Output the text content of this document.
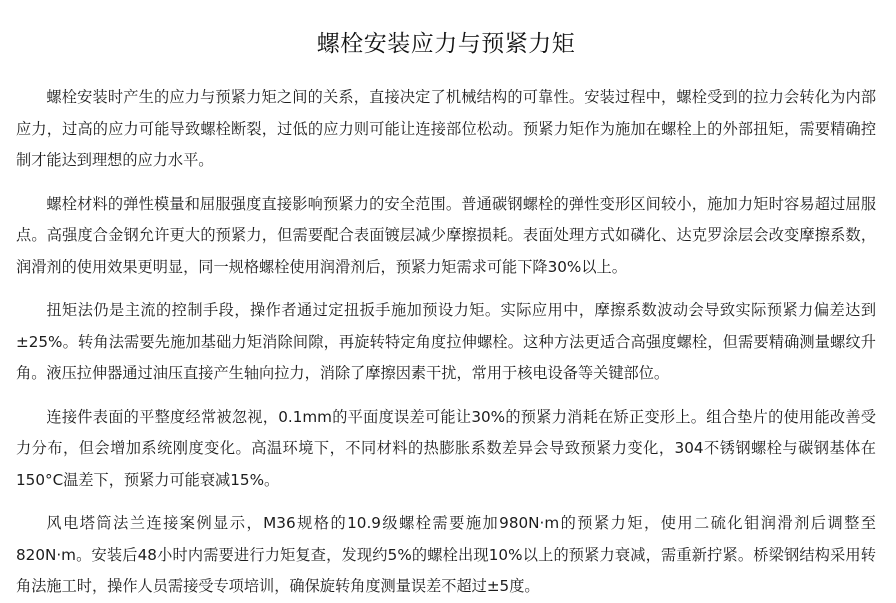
螺栓安装应力与预紧力矩

螺栓安装时产生的应力与预紧力矩之间的关系，直接决定了机械结构的可靠性。安装过程中，螺栓受到的拉力会转化为内部应力，过高的应力可能导致螺栓断裂，过低的应力则可能让连接部位松动。预紧力矩作为施加在螺栓上的外部扭矩，需要精确控制才能达到理想的应力水平。

螺栓材料的弹性模量和屈服强度直接影响预紧力的安全范围。普通碳钢螺栓的弹性变形区间较小，施加力矩时容易超过屈服点。高强度合金钢允许更大的预紧力，但需要配合表面镀层减少摩擦损耗。表面处理方式如磷化、达克罗涂层会改变摩擦系数，润滑剂的使用效果更明显，同一规格螺栓使用润滑剂后，预紧力矩需求可能下降30%以上。

扭矩法仍是主流的控制手段，操作者通过定扭扳手施加预设力矩。实际应用中，摩擦系数波动会导致实际预紧力偏差达到±25%。转角法需要先施加基础力矩消除间隙，再旋转特定角度拉伸螺栓。这种方法更适合高强度螺栓，但需要精确测量螺纹升角。液压拉伸器通过油压直接产生轴向拉力，消除了摩擦因素干扰，常用于核电设备等关键部位。

连接件表面的平整度经常被忽视，0.1mm的平面度误差可能让30%的预紧力消耗在矫正变形上。组合垫片的使用能改善受力分布，但会增加系统刚度变化。高温环境下，不同材料的热膨胀系数差异会导致预紧力变化，304不锈钢螺栓与碳钢基体在150°C温差下，预紧力可能衰减15%。

风电塔筒法兰连接案例显示，M36规格的10.9级螺栓需要施加980N·m的预紧力矩，使用二硫化钼润滑剂后调整至820N·m。安装后48小时内需要进行力矩复查，发现约5%的螺栓出现10%以上的预紧力衰减，需重新拧紧。桥梁钢结构采用转角法施工时，操作人员需接受专项培训，确保旋转角度测量误差不超过±5度。
